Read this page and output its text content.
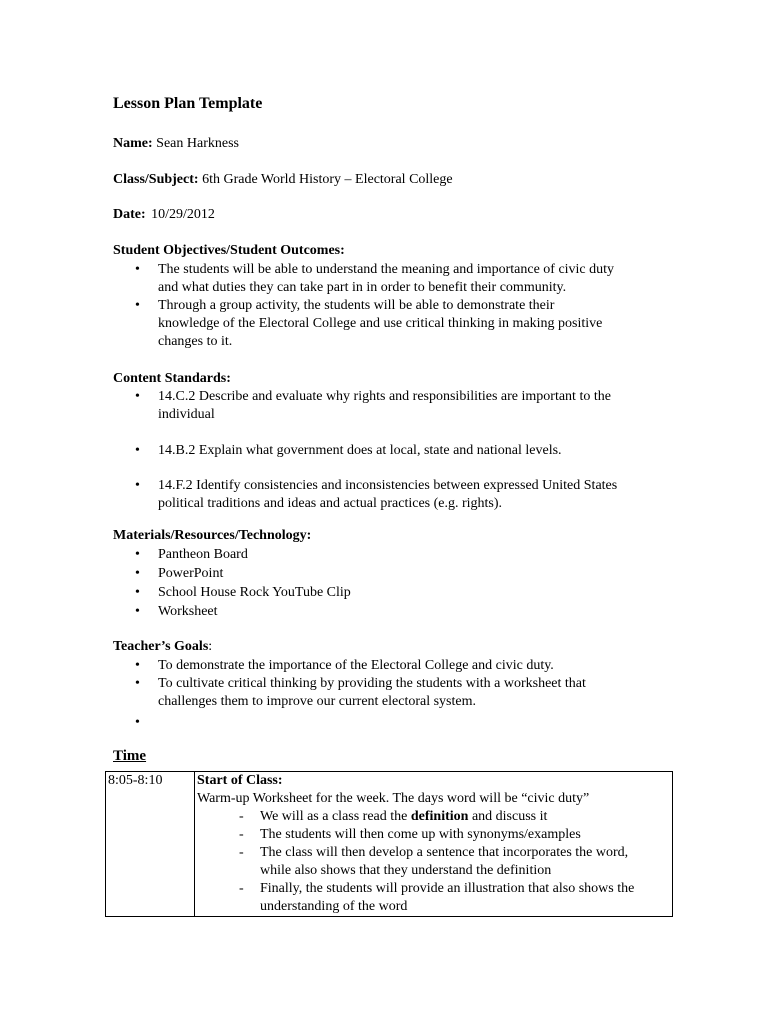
Lesson Plan Template
Name: Sean Harkness
Class/Subject: 6th Grade World History – Electoral College
Date: 10/29/2012
Student Objectives/Student Outcomes:
• The students will be able to understand the meaning and importance of civic duty
and what duties they can take part in in order to benefit their community.
• Through a group activity, the students will be able to demonstrate their
knowledge of the Electoral College and use critical thinking in making positive
changes to it.
Content Standards:
• 14.C.2 Describe and evaluate why rights and responsibilities are important to the
individual
• 14.B.2 Explain what government does at local, state and national levels.
• 14.F.2 Identify consistencies and inconsistencies between expressed United States
political traditions and ideas and actual practices (e.g. rights).
Materials/Resources/Technology:
• Pantheon Board
• PowerPoint
• School House Rock YouTube Clip
• Worksheet
Teacher’s Goals:
• To demonstrate the importance of the Electoral College and civic duty.
• To cultivate critical thinking by providing the students with a worksheet that
challenges them to improve our current electoral system.
•

Time
8:05-8:10	Start of Class:
Warm-up Worksheet for the week. The days word will be “civic duty”
- We will as a class read the definition and discuss it
- The students will then come up with synonyms/examples
- The class will then develop a sentence that incorporates the word,
while also shows that they understand the definition
- Finally, the students will provide an illustration that also shows the
understanding of the word
